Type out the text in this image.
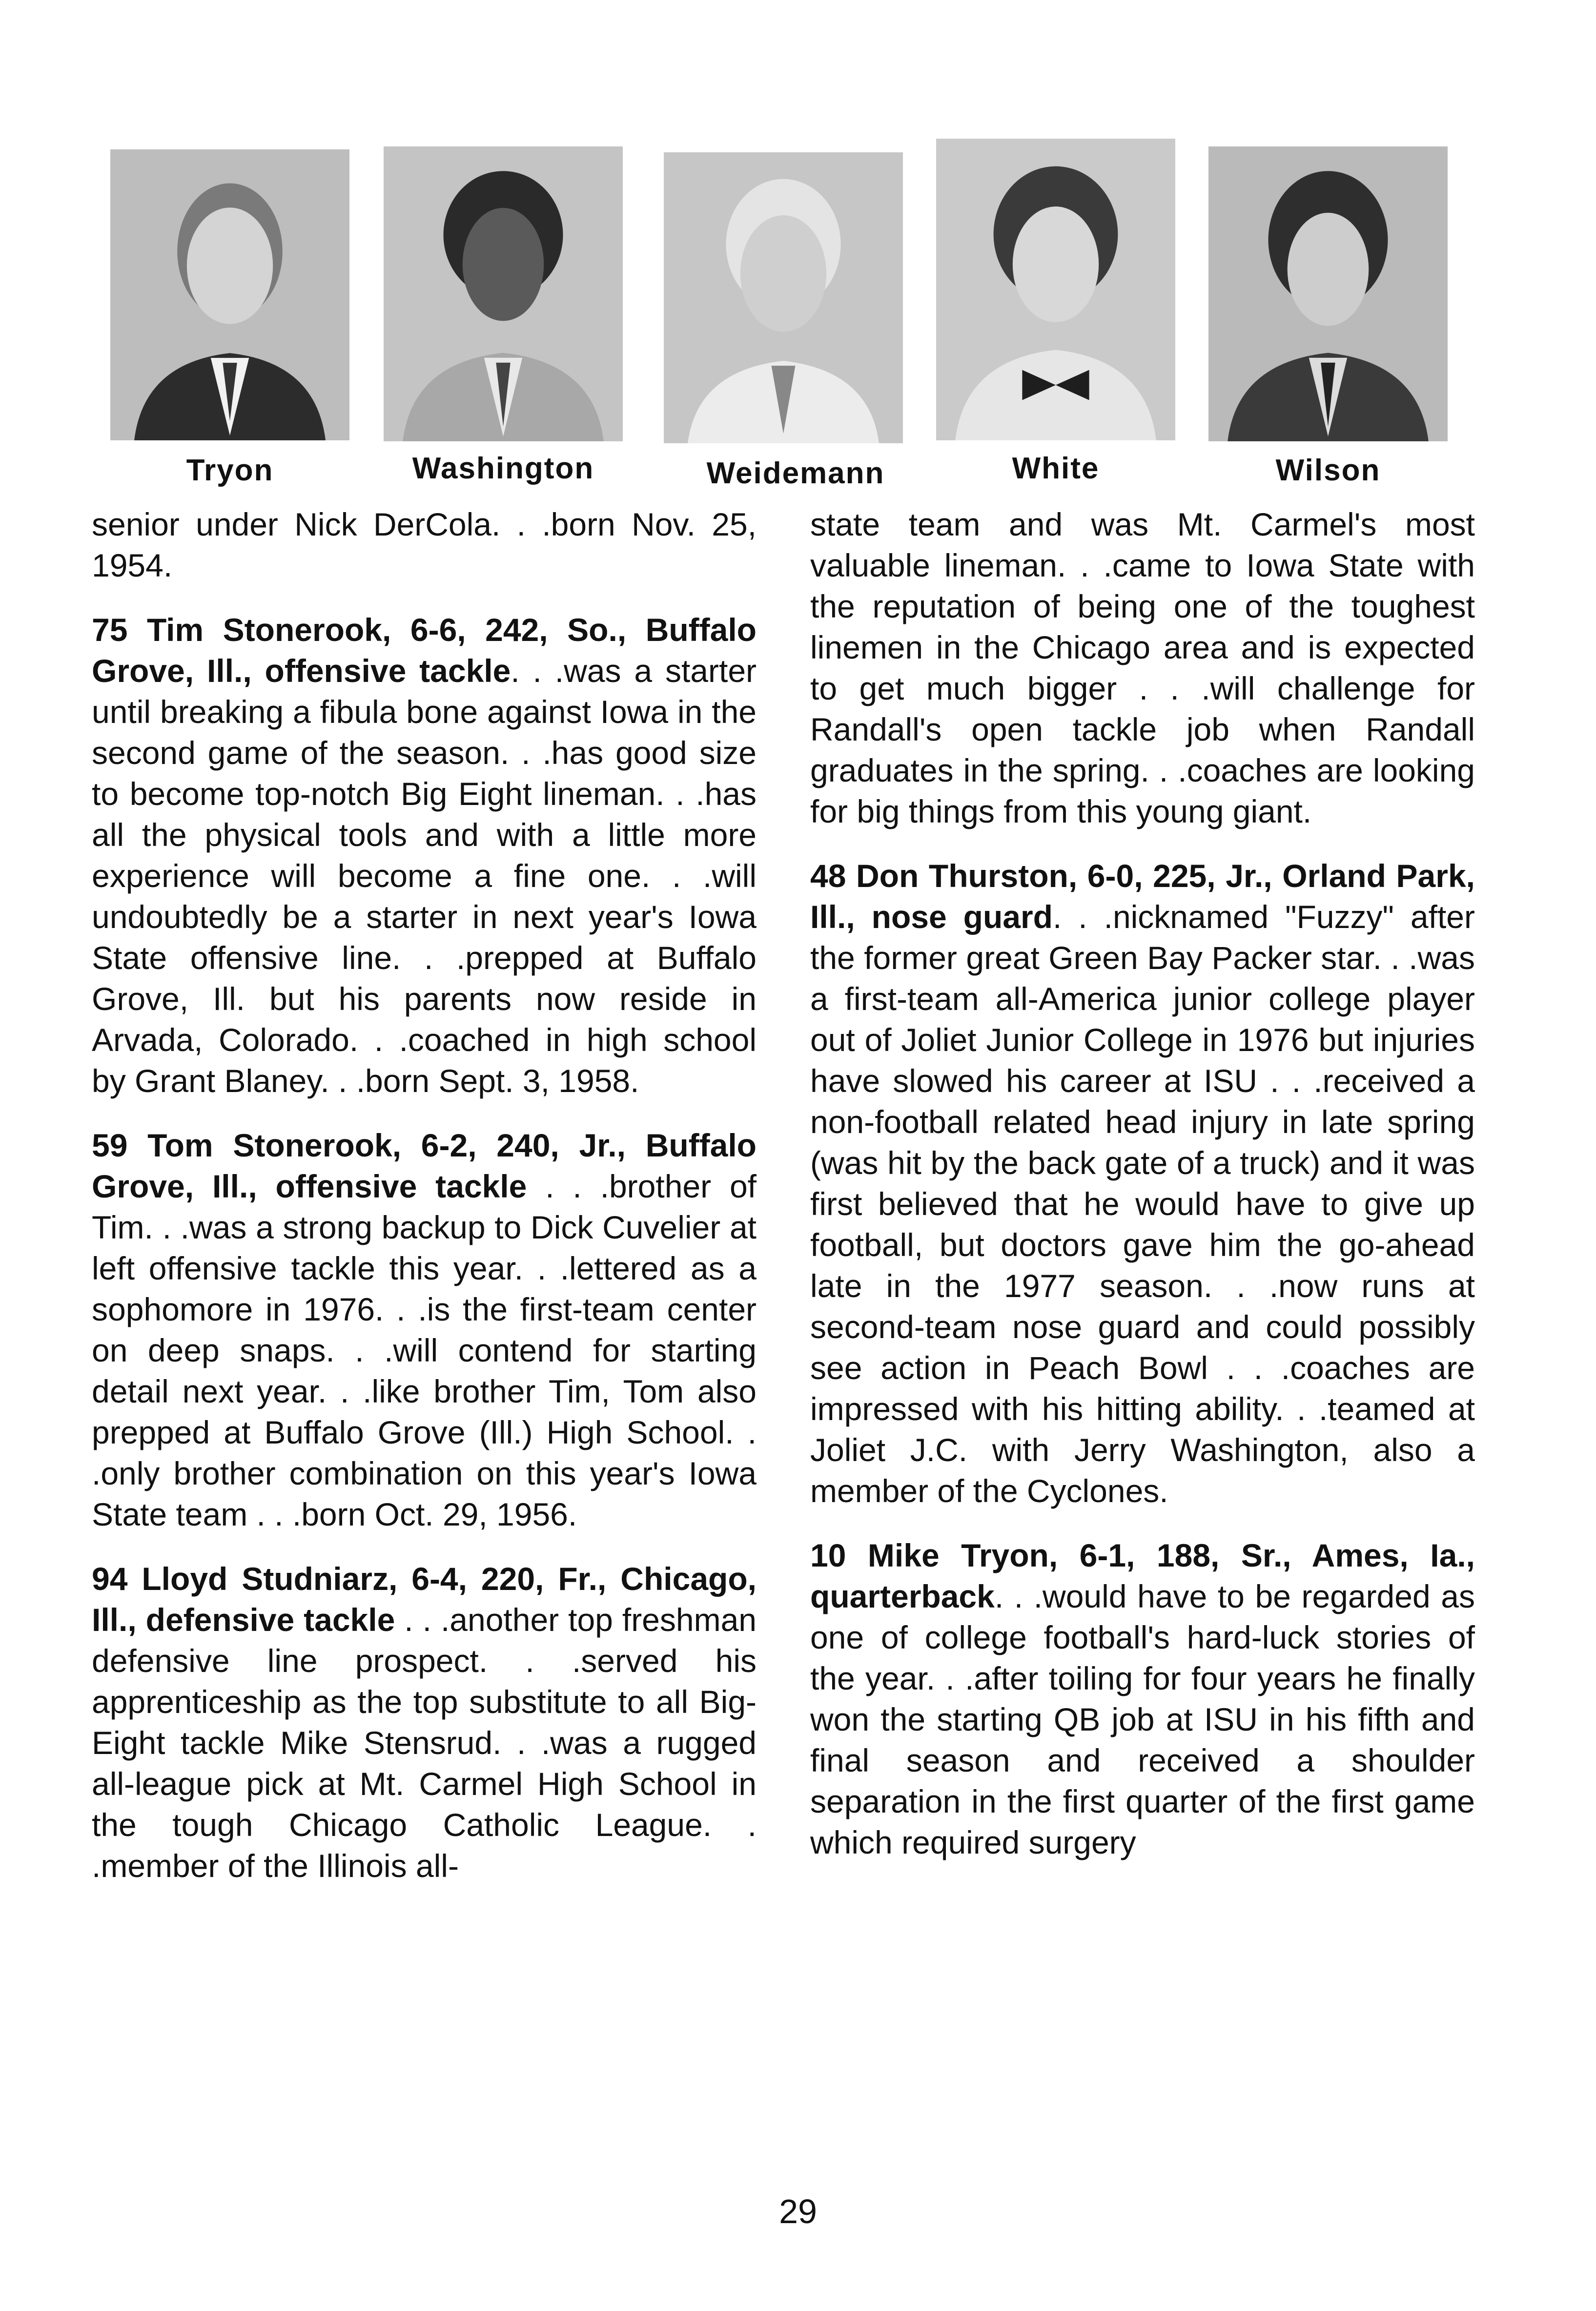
Tryon	Washington	Weidemann	White	Wilson

senior under Nick DerCola. . .born Nov. 25, 1954.

75 Tim Stonerook, 6-6, 242, So., Buffalo Grove, Ill., offensive tackle. . .was a starter until breaking a fibula bone against Iowa in the second game of the season. . .has good size to become top-notch Big Eight lineman. . .has all the physical tools and with a little more experience will become a fine one. . .will undoubtedly be a starter in next year's Iowa State offensive line. . .prepped at Buffalo Grove, Ill. but his parents now reside in Arvada, Colorado. . .coached in high school by Grant Blaney. . .born Sept. 3, 1958.

59 Tom Stonerook, 6-2, 240, Jr., Buffalo Grove, Ill., offensive tackle . . .brother of Tim. . .was a strong backup to Dick Cuvelier at left offensive tackle this year. . .lettered as a sophomore in 1976. . .is the first-team center on deep snaps. . .will contend for starting detail next year. . .like brother Tim, Tom also prepped at Buffalo Grove (Ill.) High School. . .only brother combination on this year's Iowa State team . . .born Oct. 29, 1956.

94 Lloyd Studniarz, 6-4, 220, Fr., Chicago, Ill., defensive tackle . . .another top freshman defensive line prospect. . .served his apprenticeship as the top substitute to all Big-Eight tackle Mike Stensrud. . .was a rugged all-league pick at Mt. Carmel High School in the tough Chicago Catholic League. . .member of the Illinois all-

state team and was Mt. Carmel's most valuable lineman. . .came to Iowa State with the reputation of being one of the toughest linemen in the Chicago area and is expected to get much bigger . . .will challenge for Randall's open tackle job when Randall graduates in the spring. . .coaches are looking for big things from this young giant.

48 Don Thurston, 6-0, 225, Jr., Orland Park, Ill., nose guard. . .nicknamed "Fuzzy" after the former great Green Bay Packer star. . .was a first-team all-America junior college player out of Joliet Junior College in 1976 but injuries have slowed his career at ISU . . .received a non-football related head injury in late spring (was hit by the back gate of a truck) and it was first believed that he would have to give up football, but doctors gave him the go-ahead late in the 1977 season. . .now runs at second-team nose guard and could possibly see action in Peach Bowl . . .coaches are impressed with his hitting ability. . .teamed at Joliet J.C. with Jerry Washington, also a member of the Cyclones.

10 Mike Tryon, 6-1, 188, Sr., Ames, Ia., quarterback. . .would have to be regarded as one of college football's hard-luck stories of the year. . .after toiling for four years he finally won the starting QB job at ISU in his fifth and final season and received a shoulder separation in the first quarter of the first game which required surgery

29
